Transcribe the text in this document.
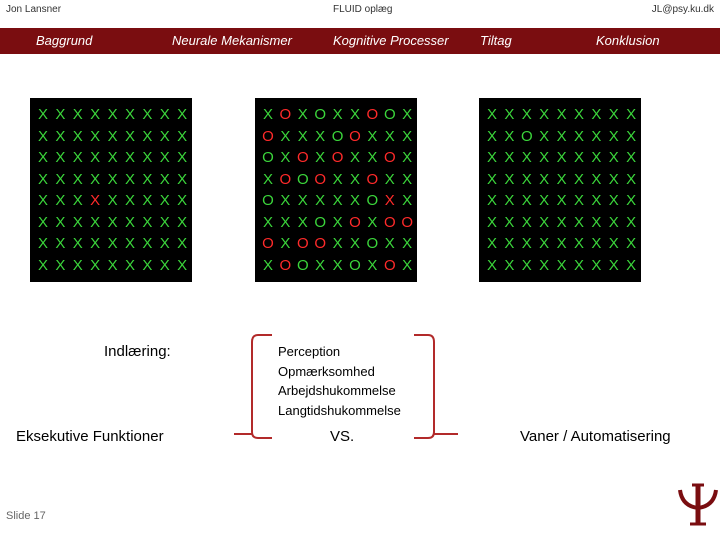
Jon Lansner	FLUID oplæg	JL@psy.ku.dk
Baggrund	Neurale Mekanismer	Kognitive Processer Tiltag	Konklusion
X X X X X X X X X
X X X X X X X X X
X X X X X X X X X
X X X X X X X X X
X X X X X X X X X
X X X X X X X X X
X X X X X X X X X
X X X X X X X X X
X O X O X X O O X
O X X X O O X X X
O X O X O X X O X
X O O O X X O X X
O X X X X X O X X
X X X O X O X O O
O X O O X X O X X
X O O X X O X O X
X X X X X X X X X
X X O X X X X X X
X X X X X X X X X
X X X X X X X X X
X X X X X X X X X
X X X X X X X X X
X X X X X X X X X
X X X X X X X X X
Indlæring:
Eksekutive Funktioner
Perception
Opmærksomhed
Arbejdshukommelse
Langtidshukommelse
VS.	Vaner / Automatisering
Slide 17
